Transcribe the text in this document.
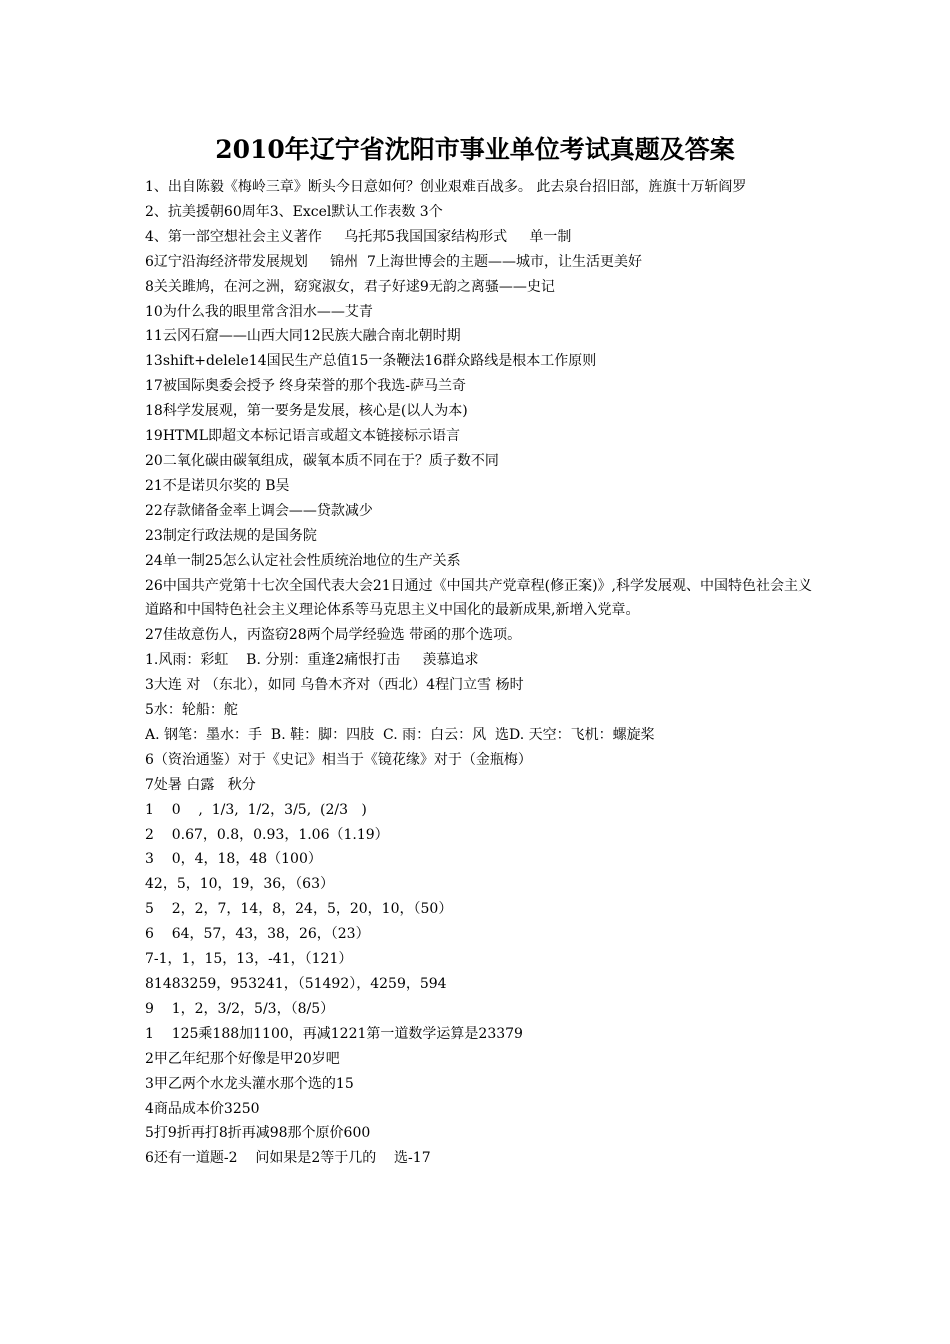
2010年辽宁省沈阳市事业单位考试真题及答案
1、出自陈毅《梅岭三章》断头今日意如何？创业艰难百战多。 此去泉台招旧部，旌旗十万斩阎罗
2、抗美援朝60周年3、Excel默认工作表数 3个
4、第一部空想社会主义著作     乌托邦5我国国家结构形式     单一制
6辽宁沿海经济带发展规划     锦州  7上海世博会的主题——城市，让生活更美好
8关关雎鸠，在河之洲，窈窕淑女，君子好逑9无韵之离骚——史记
10为什么我的眼里常含泪水——艾青
11云冈石窟——山西大同12民族大融合南北朝时期
13shift+delele14国民生产总值15一条鞭法16群众路线是根本工作原则
17被国际奥委会授予 终身荣誉的那个我选-萨马兰奇
18科学发展观，第一要务是发展，核心是(以人为本)
19HTML即超文本标记语言或超文本链接标示语言
20二氧化碳由碳氧组成，碳氧本质不同在于？质子数不同
21不是诺贝尔奖的 B吴
22存款储备金率上调会——贷款减少
23制定行政法规的是国务院
24单一制25怎么认定社会性质统治地位的生产关系
26中国共产党第十七次全国代表大会21日通过《中国共产党章程(修正案)》,科学发展观、中国特色社会主义道路和中国特色社会主义理论体系等马克思主义中国化的最新成果,新增入党章。
27佳故意伤人，丙盗窃28两个局学经验选 带函的那个选项。
1.风雨：彩虹    B. 分别：重逢2痛恨打击     羡慕追求
3大连 对 （东北），如同 乌鲁木齐对（西北）4程门立雪 杨时
5水：轮船：舵
A. 钢笔：墨水：手  B. 鞋：脚：四肢  C. 雨：白云：风  选D. 天空：飞机：螺旋桨
6（资治通鉴）对于《史记》相当于《镜花缘》对于（金瓶梅）
7处暑 白露   秋分
1    0    ,  1/3,  1/2，3/5,  (2/3   )
2    0.67，0.8，0.93，1.06（1.19）
3    0，4，18，48（100）
42，5，10，19，36，（63）
5    2，2，7，14，8，24，5，20，10，（50）
6    64，57，43，38，26，（23）
7-1，1，15，13，-41，（121）
81483259，953241，（51492），4259，594
9    1，2，3/2，5/3，（8/5）
1    125乘188加1100，再减1221第一道数学运算是23379
2甲乙年纪那个好像是甲20岁吧
3甲乙两个水龙头灌水那个选的15
4商品成本价3250
5打9折再打8折再减98那个原价600
6还有一道题-2    问如果是2等于几的    选-17
